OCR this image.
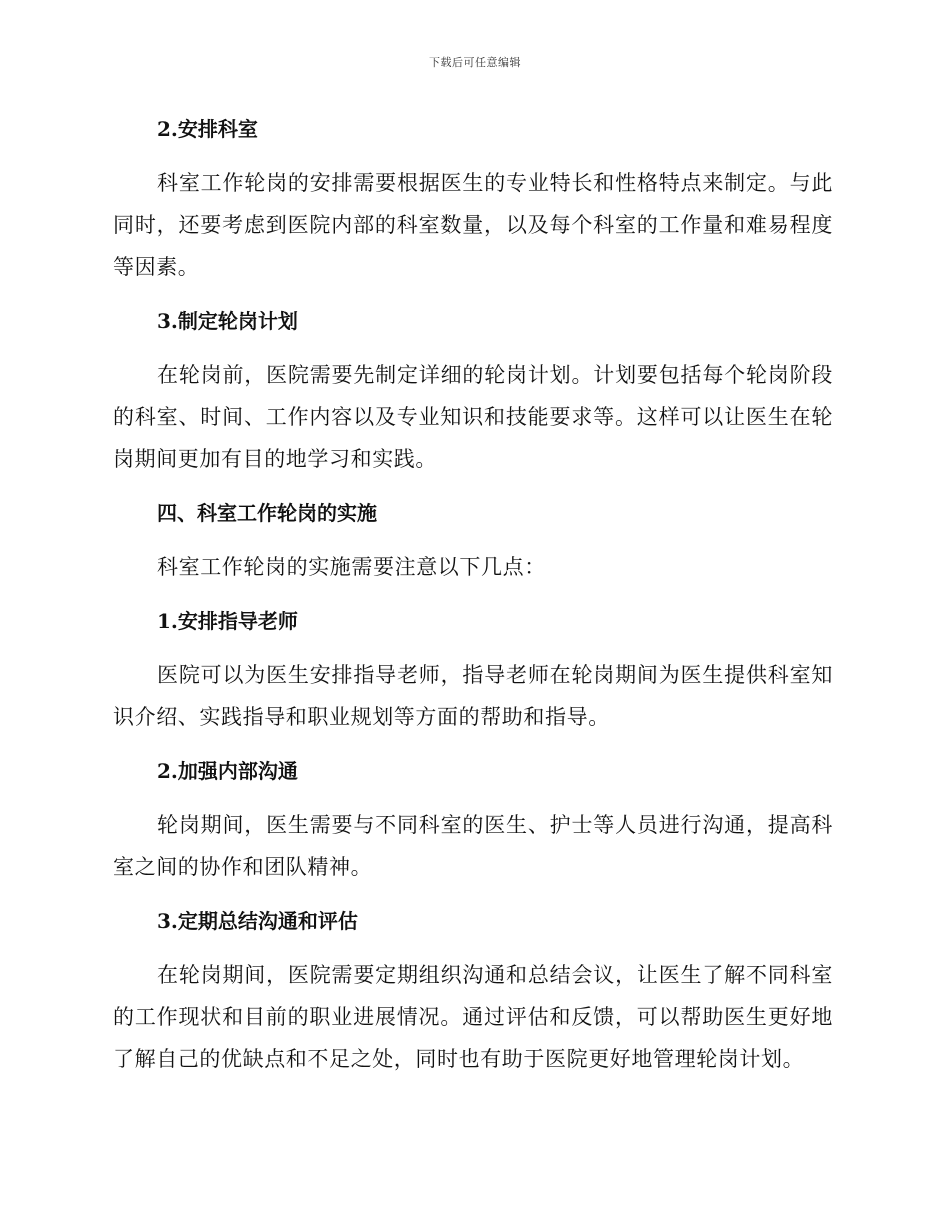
下载后可任意编辑
2.安排科室

科室工作轮岗的安排需要根据医生的专业特长和性格特点来制定。与此同时，还要考虑到医院内部的科室数量，以及每个科室的工作量和难易程度等因素。

3.制定轮岗计划

在轮岗前，医院需要先制定详细的轮岗计划。计划要包括每个轮岗阶段的科室、时间、工作内容以及专业知识和技能要求等。这样可以让医生在轮岗期间更加有目的地学习和实践。

四、科室工作轮岗的实施

科室工作轮岗的实施需要注意以下几点：

1.安排指导老师

医院可以为医生安排指导老师，指导老师在轮岗期间为医生提供科室知识介绍、实践指导和职业规划等方面的帮助和指导。

2.加强内部沟通

轮岗期间，医生需要与不同科室的医生、护士等人员进行沟通，提高科室之间的协作和团队精神。

3.定期总结沟通和评估

在轮岗期间，医院需要定期组织沟通和总结会议，让医生了解不同科室的工作现状和目前的职业进展情况。通过评估和反馈，可以帮助医生更好地了解自己的优缺点和不足之处，同时也有助于医院更好地管理轮岗计划。
